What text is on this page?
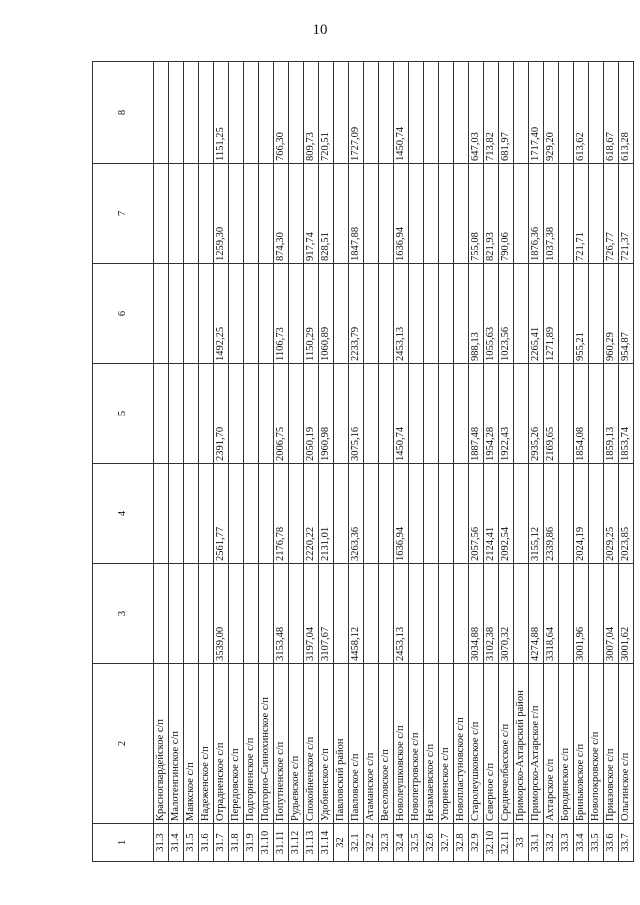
10
1	2	3	4	5	6	7	8
31.3	Красногвардейское с/п						
31.4	Малотенгинское с/п						
31.5	Маякское с/п						
31.6	Надеженское с/п						
31.7	Отрадненское с/п	3539,00	2561,77	2391,70	1492,25	1259,30	1151,25
31.8	Передовское с/п						
31.9	Подгорненское с/п						
31.10	Подгорно-Синюхинское с/п						
31.11	Попутненское с/п	3153,48	2176,78	2006,75	1106,73	874,30	766,30
31.12	Рудьевское с/п						
31.13	Спокойненское с/п	3197,04	2220,22	2050,19	1150,29	917,74	809,73
31.14	Удобненское с/п	3107,67	2131,01	1960,98	1060,89	828,51	720,51
32	Павловский район						
32.1	Павловское с/п	4458,12	3263,36	3075,16	2233,79	1847,88	1727,09
32.2	Атаманское с/п						
32.3	Веселовское с/п						
32.4	Новолеушковское с/п	2453,13	1636,94	1450,74	2453,13	1636,94	1450,74
32.5	Новопетровское с/п						
32.6	Незамаевское с/п						
32.7	Упорненское с/п						
32.8	Новопластуновское с/п						
32.9	Старолеушковское с/п	3034,88	2057,56	1887,48	988,13	755,08	647,03
32.10	Северное с/п	3102,38	2124,41	1954,28	1055,63	821,93	713,82
32.11	Среднечелбасское с/п	3070,32	2092,54	1922,43	1023,56	790,06	681,97
33	Приморско-Ахтарский район						
33.1	Приморско-Ахтарское г/п	4274,88	3155,12	2935,26	2265,41	1876,36	1717,40
33.2	Ахтарское с/п	3318,64	2339,86	2169,65	1271,89	1037,38	929,20
33.3	Бородинское с/п						
33.4	Бриньковское с/п	3001,96	2024,19	1854,08	955,21	721,71	613,62
33.5	Новопокровское с/п						
33.6	Приазовское с/п	3007,04	2029,25	1859,13	960,29	726,77	618,67
33.7	Ольгинское с/п	3001,62	2023,85	1853,74	954,87	721,37	613,28
